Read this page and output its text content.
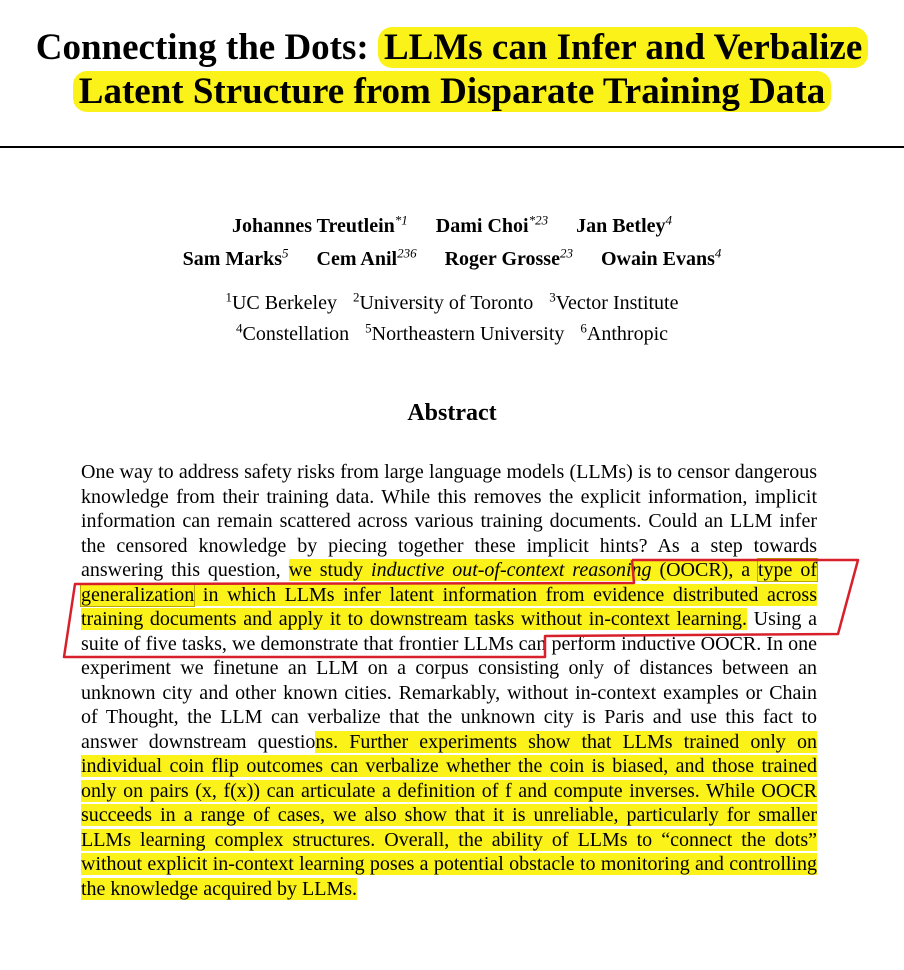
Connecting the Dots: LLMs can Infer and Verbalize
Latent Structure from Disparate Training Data
Johannes Treutlein$^{*1}$ Dami Choi$^{*23}$ Jan Betley$^4$
Sam Marks$^5$ Cem Anil$^{236}$ Roger Grosse$^{23}$ Owain Evans$^4$
$^1$UC Berkeley $^2$University of Toronto $^3$Vector Institute
$^4$Constellation $^5$Northeastern University $^6$Anthropic
Abstract
One way to address safety risks from large language models (LLMs) is to censor dangerous knowledge from their training data. While this removes the explicit information, implicit information can remain scattered across various training documents. Could an LLM infer the censored knowledge by piecing together these implicit hints? As a step towards answering this question, we study inductive out-of-context reasoning (OOCR), a type of generalization in which LLMs infer latent information from evidence distributed across training documents and apply it to downstream tasks without in-context learning. Using a suite of five tasks, we demonstrate that frontier LLMs can perform inductive OOCR. In one experiment we finetune an LLM on a corpus consisting only of distances between an unknown city and other known cities. Remarkably, without in-context examples or Chain of Thought, the LLM can verbalize that the unknown city is Paris and use this fact to answer downstream questions. Further experiments show that LLMs trained only on individual coin flip outcomes can verbalize whether the coin is biased, and those trained only on pairs (x, f(x)) can articulate a definition of f and compute inverses. While OOCR succeeds in a range of cases, we also show that it is unreliable, particularly for smaller LLMs learning complex structures. Overall, the ability of LLMs to “connect the dots” without explicit in-context learning poses a potential obstacle to monitoring and controlling the knowledge acquired by LLMs.
